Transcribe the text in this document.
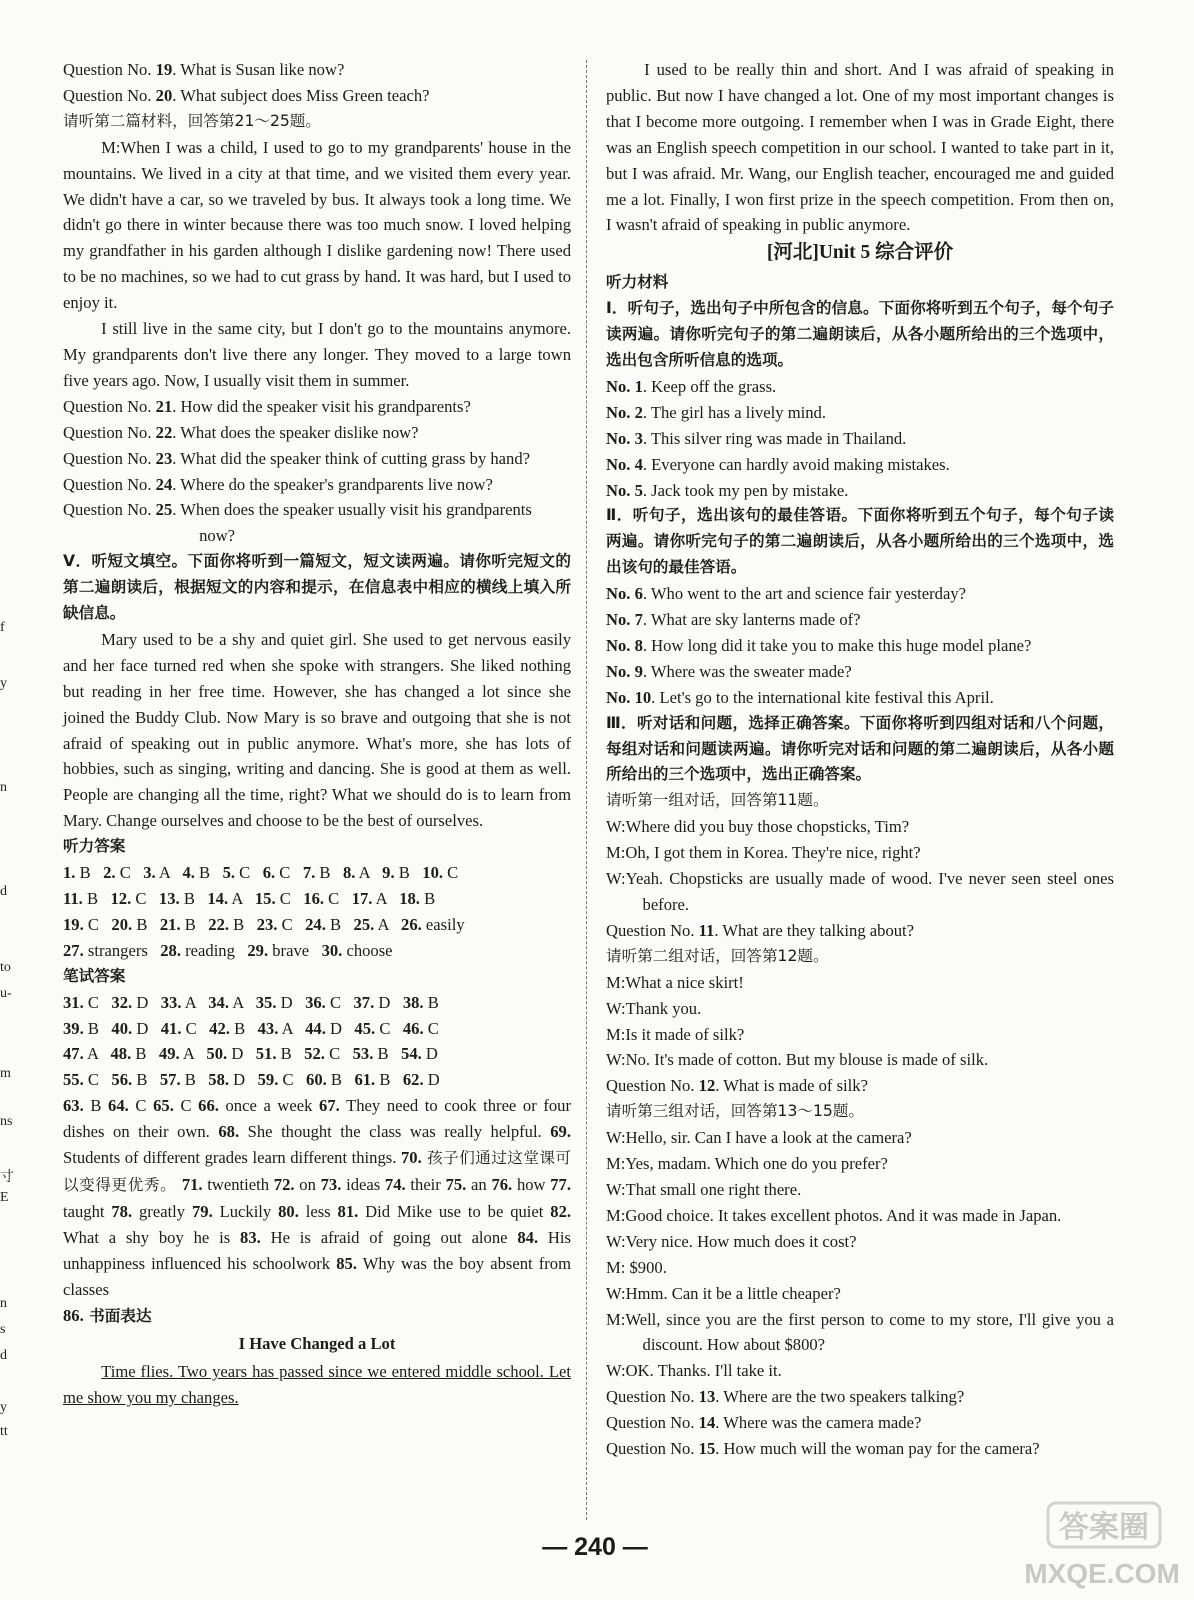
f
y
n
d
to
u-
m
ns
寸
E
n
s
d
y
tt

Question No. 19. What is Susan like now?

Question No. 20. What subject does Miss Green teach?

请听第二篇材料，回答第21～25题。

M:When I was a child, I used to go to my grandparents' house in the mountains. We lived in a city at that time, and we visited them every year. We didn't have a car, so we traveled by bus. It always took a long time. We didn't go there in winter because there was too much snow. I loved helping my grandfather in his garden although I dislike gardening now! There used to be no machines, so we had to cut grass by hand. It was hard, but I used to enjoy it.

I still live in the same city, but I don't go to the mountains anymore. My grandparents don't live there any longer. They moved to a large town five years ago. Now, I usually visit them in summer.

Question No. 21. How did the speaker visit his grandparents?

Question No. 22. What does the speaker dislike now?

Question No. 23. What did the speaker think of cutting grass by hand?

Question No. 24. Where do the speaker's grandparents live now?

Question No. 25. When does the speaker usually visit his grandparents now?

V．听短文填空。下面你将听到一篇短文，短文读两遍。请你听完短文的第二遍朗读后，根据短文的内容和提示，在信息表中相应的横线上填入所缺信息。

Mary used to be a shy and quiet girl. She used to get nervous easily and her face turned red when she spoke with strangers. She liked nothing but reading in her free time. However, she has changed a lot since she joined the Buddy Club. Now Mary is so brave and outgoing that she is not afraid of speaking out in public anymore. What's more, she has lots of hobbies, such as singing, writing and dancing. She is good at them as well. People are changing all the time, right? What we should do is to learn from Mary. Change ourselves and choose to be the best of ourselves.

听力答案

1. B   2. C   3. A   4. B   5. C   6. C   7. B   8. A   9. B   10. C

11. B   12. C   13. B   14. A   15. C   16. C   17. A   18. B

19. C   20. B   21. B   22. B   23. C   24. B   25. A   26. easily

27. strangers   28. reading   29. brave   30. choose

笔试答案

31. C   32. D   33. A   34. A   35. D   36. C   37. D   38. B

39. B   40. D   41. C   42. B   43. A   44. D   45. C   46. C

47. A   48. B   49. A   50. D   51. B   52. C   53. B   54. D

55. C   56. B   57. B   58. D   59. C   60. B   61. B   62. D

63. B 64. C 65. C 66. once a week 67. They need to cook three or four dishes on their own. 68. She thought the class was really helpful. 69. Students of different grades learn different things. 70. 孩子们通过这堂课可以变得更优秀。 71. twentieth 72. on 73. ideas 74. their 75. an 76. how 77. taught 78. greatly 79. Luckily 80. less 81. Did Mike use to be quiet 82. What a shy boy he is 83. He is afraid of going out alone 84. His unhappiness influenced his schoolwork 85. Why was the boy absent from classes

86. 书面表达

I Have Changed a Lot

Time flies. Two years has passed since we entered middle school. Let me show you my changes.

I used to be really thin and short. And I was afraid of speaking in public. But now I have changed a lot. One of my most important changes is that I become more outgoing. I remember when I was in Grade Eight, there was an English speech competition in our school. I wanted to take part in it, but I was afraid. Mr. Wang, our English teacher, encouraged me and guided me a lot. Finally, I won first prize in the speech competition. From then on, I wasn't afraid of speaking in public anymore.

[河北]Unit 5 综合评价

听力材料

Ⅰ．听句子，选出句子中所包含的信息。下面你将听到五个句子，每个句子读两遍。请你听完句子的第二遍朗读后，从各小题所给出的三个选项中，选出包含所听信息的选项。

No. 1. Keep off the grass.

No. 2. The girl has a lively mind.

No. 3. This silver ring was made in Thailand.

No. 4. Everyone can hardly avoid making mistakes.

No. 5. Jack took my pen by mistake.

Ⅱ．听句子，选出该句的最佳答语。下面你将听到五个句子，每个句子读两遍。请你听完句子的第二遍朗读后，从各小题所给出的三个选项中，选出该句的最佳答语。

No. 6. Who went to the art and science fair yesterday?

No. 7. What are sky lanterns made of?

No. 8. How long did it take you to make this huge model plane?

No. 9. Where was the sweater made?

No. 10. Let's go to the international kite festival this April.

Ⅲ．听对话和问题，选择正确答案。下面你将听到四组对话和八个问题，每组对话和问题读两遍。请你听完对话和问题的第二遍朗读后，从各小题所给出的三个选项中，选出正确答案。

请听第一组对话，回答第11题。

W:Where did you buy those chopsticks, Tim?

M:Oh, I got them in Korea. They're nice, right?

W:Yeah. Chopsticks are usually made of wood. I've never seen steel ones before.

Question No. 11. What are they talking about?

请听第二组对话，回答第12题。

M:What a nice skirt!

W:Thank you.

M:Is it made of silk?

W:No. It's made of cotton. But my blouse is made of silk.

Question No. 12. What is made of silk?

请听第三组对话，回答第13～15题。

W:Hello, sir. Can I have a look at the camera?

M:Yes, madam. Which one do you prefer?

W:That small one right there.

M:Good choice. It takes excellent photos. And it was made in Japan.

W:Very nice. How much does it cost?

M: $900.

W:Hmm. Can it be a little cheaper?

M:Well, since you are the first person to come to my store, I'll give you a discount. How about $800?

W:OK. Thanks. I'll take it.

Question No. 13. Where are the two speakers talking?

Question No. 14. Where was the camera made?

Question No. 15. How much will the woman pay for the camera?

— 240 —
答案圈
MXQE.COM
